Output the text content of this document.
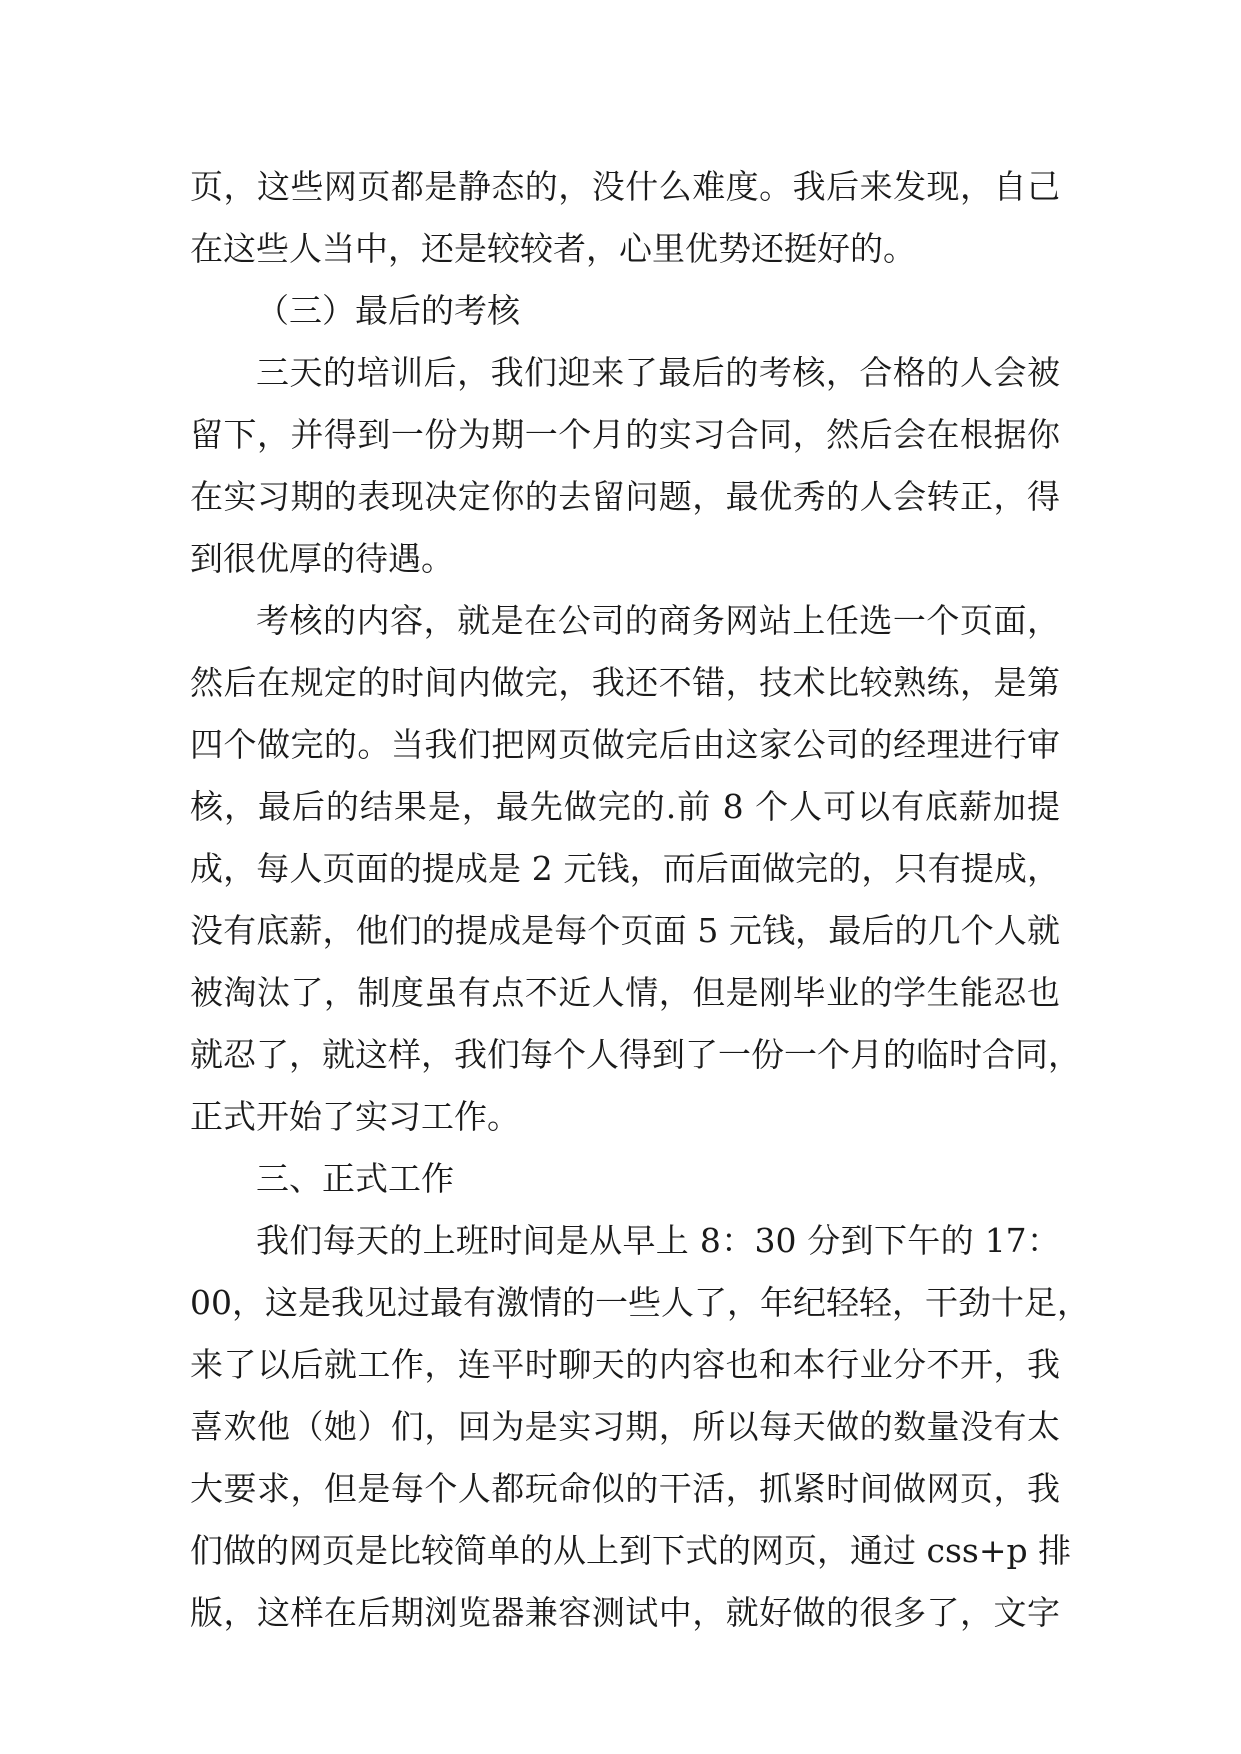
页，这些网页都是静态的，没什么难度。我后来发现，自己
在这些人当中，还是较较者，心里优势还挺好的。
（三）最后的考核
三天的培训后，我们迎来了最后的考核，合格的人会被
留下，并得到一份为期一个月的实习合同，然后会在根据你
在实习期的表现决定你的去留问题，最优秀的人会转正，得
到很优厚的待遇。
考核的内容，就是在公司的商务网站上任选一个页面，
然后在规定的时间内做完，我还不错，技术比较熟练，是第
四个做完的。当我们把网页做完后由这家公司的经理进行审
核，最后的结果是，最先做完的.前 8 个人可以有底薪加提
成，每人页面的提成是 2 元钱，而后面做完的，只有提成，
没有底薪，他们的提成是每个页面 5 元钱，最后的几个人就
被淘汰了，制度虽有点不近人情，但是刚毕业的学生能忍也
就忍了，就这样，我们每个人得到了一份一个月的临时合同，
正式开始了实习工作。
三、正式工作
我们每天的上班时间是从早上 8：30 分到下午的 17：
00，这是我见过最有激情的一些人了，年纪轻轻，干劲十足，
来了以后就工作，连平时聊天的内容也和本行业分不开，我
喜欢他（她）们，回为是实习期，所以每天做的数量没有太
大要求，但是每个人都玩命似的干活，抓紧时间做网页，我
们做的网页是比较简单的从上到下式的网页，通过 css+p 排
版，这样在后期浏览器兼容测试中，就好做的很多了，文字
